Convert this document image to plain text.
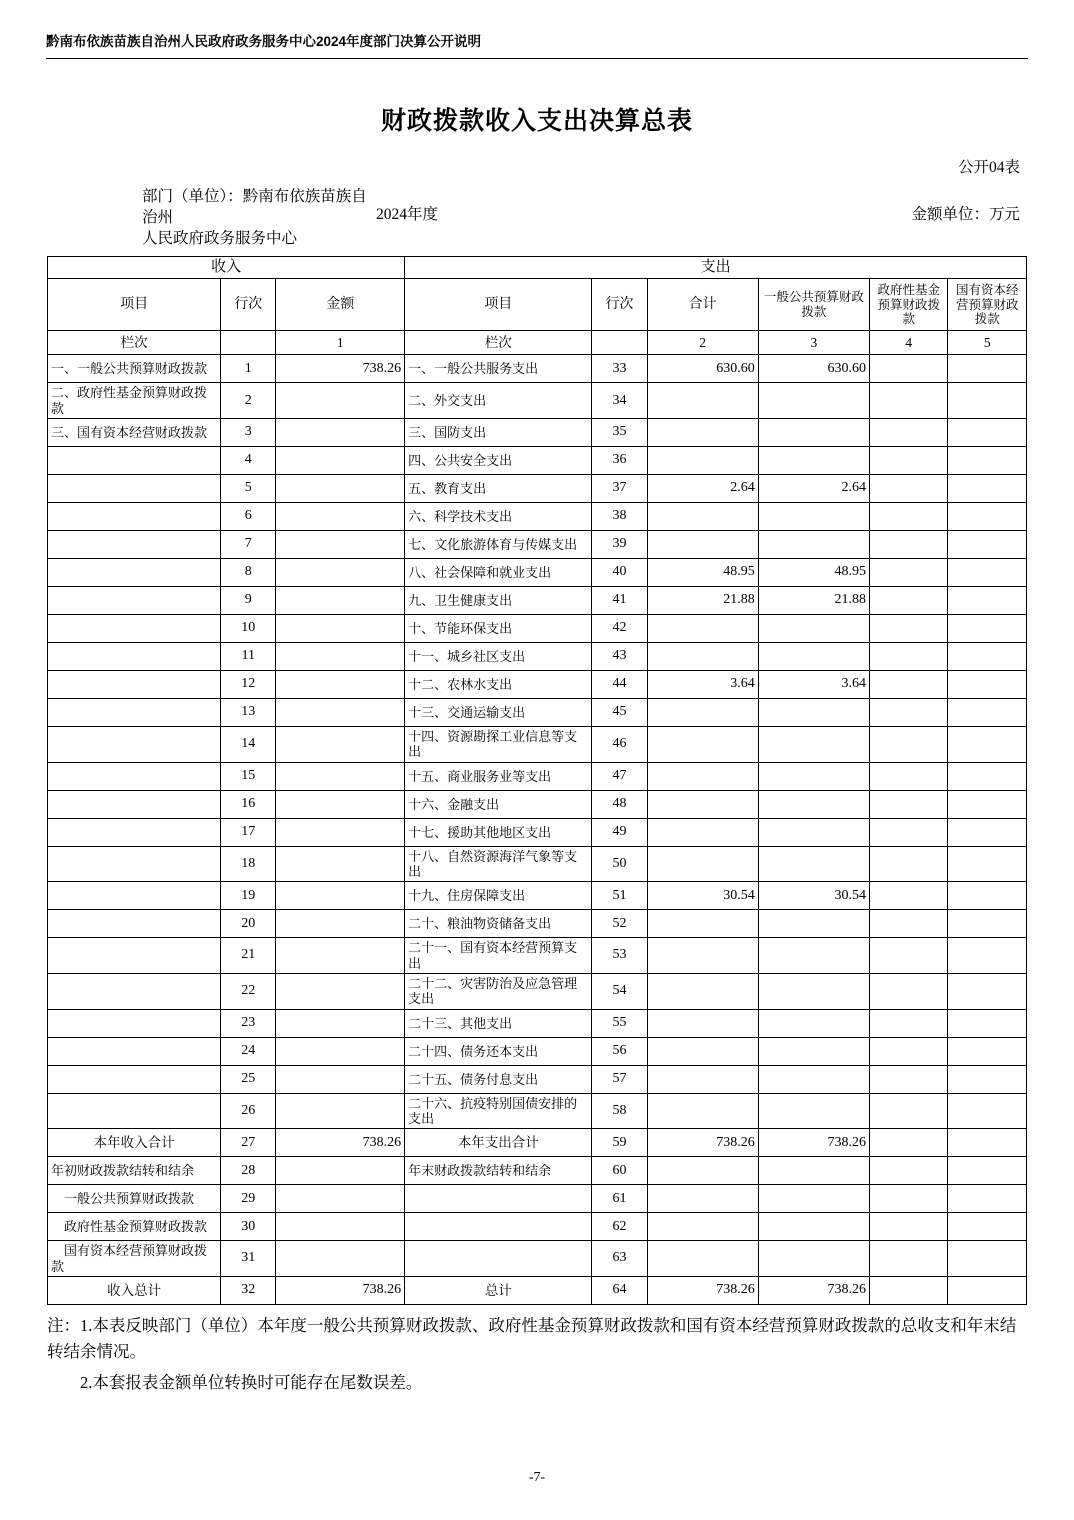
黔南布依族苗族自治州人民政府政务服务中心2024年度部门决算公开说明
财政拨款收入支出决算总表
公开04表
部门（单位）：黔南布依族苗族自治州
人民政府政务服务中心
2024年度	金额单位：万元
收入			支出					
项目	行次	金额	项目	行次	合计	一般公共预算财政拨款	政府性基金预算财政拨款	国有资本经营预算财政拨款
栏次		1	栏次		2	3	4	5
一、一般公共预算财政拨款	1	738.26	一、一般公共服务支出	33	630.60	630.60		
二、政府性基金预算财政拨款	2		二、外交支出	34				
三、国有资本经营财政拨款	3		三、国防支出	35				
	4		四、公共安全支出	36				
	5		五、教育支出	37	2.64	2.64		
	6		六、科学技术支出	38				
	7		七、文化旅游体育与传媒支出	39				
	8		八、社会保障和就业支出	40	48.95	48.95		
	9		九、卫生健康支出	41	21.88	21.88		
	10		十、节能环保支出	42				
	11		十一、城乡社区支出	43				
	12		十二、农林水支出	44	3.64	3.64		
	13		十三、交通运输支出	45				
	14		十四、资源勘探工业信息等支出	46				
	15		十五、商业服务业等支出	47				
	16		十六、金融支出	48				
	17		十七、援助其他地区支出	49				
	18		十八、自然资源海洋气象等支出	50				
	19		十九、住房保障支出	51	30.54	30.54		
	20		二十、粮油物资储备支出	52				
	21		二十一、国有资本经营预算支出	53				
	22		二十二、灾害防治及应急管理支出	54				
	23		二十三、其他支出	55				
	24		二十四、债务还本支出	56				
	25		二十五、债务付息支出	57				
	26		二十六、抗疫特别国债安排的支出	58				
本年收入合计	27	738.26	本年支出合计	59	738.26	738.26		
年初财政拨款结转和结余	28		年末财政拨款结转和结余	60				
　一般公共预算财政拨款	29			61				
　政府性基金预算财政拨款	30			62				
　国有资本经营预算财政拨款	31			63				
收入总计	32	738.26	总计	64	738.26	738.26		

注：1.本表反映部门（单位）本年度一般公共预算财政拨款、政府性基金预算财政拨款和国有资本经营预算财政拨款的总收支和年末结转结余情况。

2.本套报表金额单位转换时可能存在尾数误差。

-7-
